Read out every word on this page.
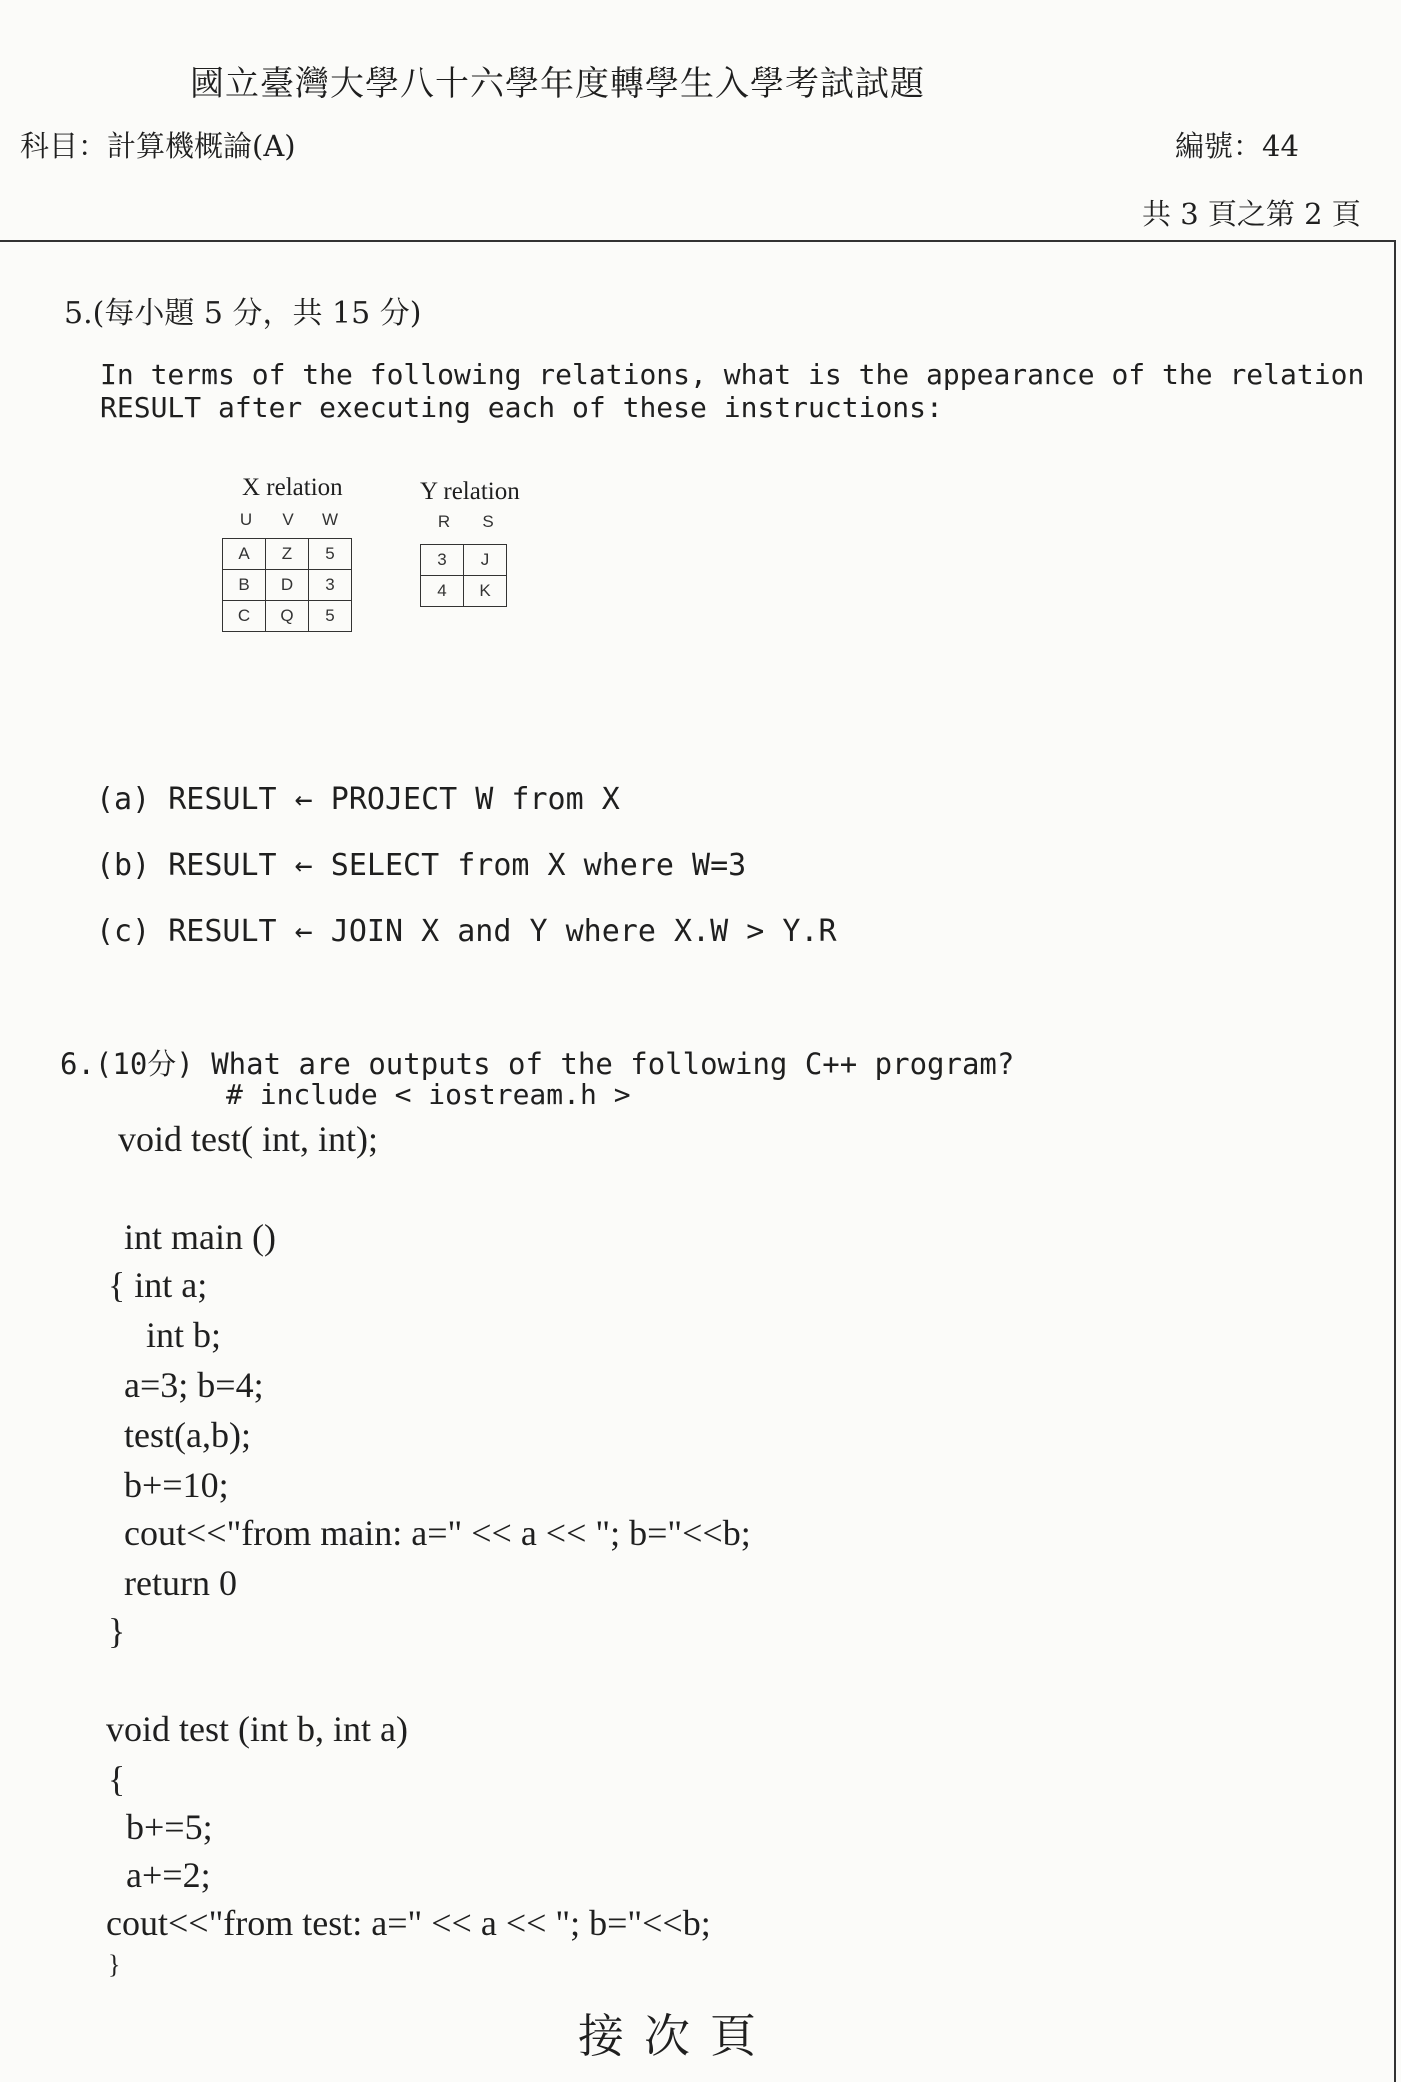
國立臺灣大學八十六學年度轉學生入學考試試題
科目：計算機概論(A)	編號：44
共 3 頁之第 2 頁
5.(每小題 5 分，共 15 分)
In terms of the following relations, what is the appearance of the relation
RESULT after executing each of these instructions:
X relation
U V W
A	Z	5
B	D	3
C	Q	5
Y relation
R S
3	J
4	K
(a) RESULT ← PROJECT W from X
(b) RESULT ← SELECT from X where W=3
(c) RESULT ← JOIN X and Y where X.W > Y.R
6.(10分) What are outputs of the following C++ program?
# include < iostream.h >
void test( int, int);
int main ()
{ int a;
int b;
a=3; b=4;
test(a,b);
b+=10;
cout<<"from main: a=" << a << "; b="<<b;
return 0
}
void test (int b, int a)
{
b+=5;
a+=2;
cout<<"from test: a=" << a << "; b="<<b;
}
接次頁
